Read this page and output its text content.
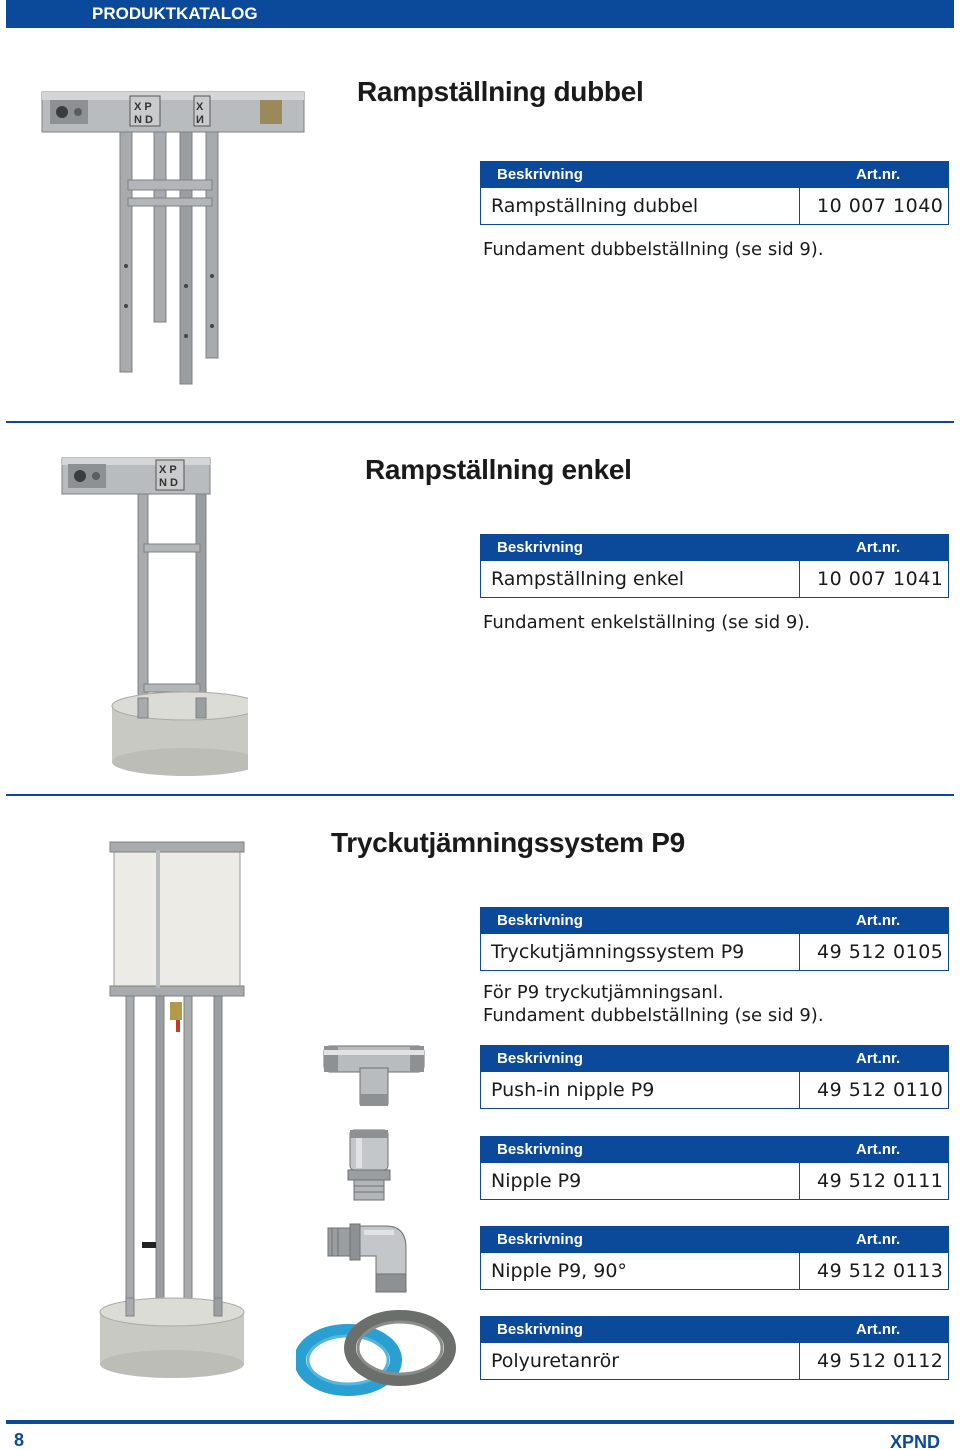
PRODUKTKATALOG
X P
N D
X
И
Rampställning dubbel
Beskrivning	Art.nr.
Rampställning dubbel	10 007 1040
Fundament dubbelställning (se sid 9).
X P
N D	Rampställning enkel
Beskrivning	Art.nr.
Rampställning enkel	10 007 1041
Fundament enkelställning (se sid 9).
Tryckutjämningssystem P9
Beskrivning	Art.nr.
Tryckutjämningssystem P9	49 512 0105
För P9 tryckutjämningsanl.
Fundament dubbelställning (se sid 9).
Beskrivning	Art.nr.
Push-in nipple P9	49 512 0110
Beskrivning	Art.nr.
Nipple P9	49 512 0111
Beskrivning	Art.nr.
Nipple P9, 90°	49 512 0113
Beskrivning	Art.nr.
Polyuretanrör	49 512 0112
8	XPND
